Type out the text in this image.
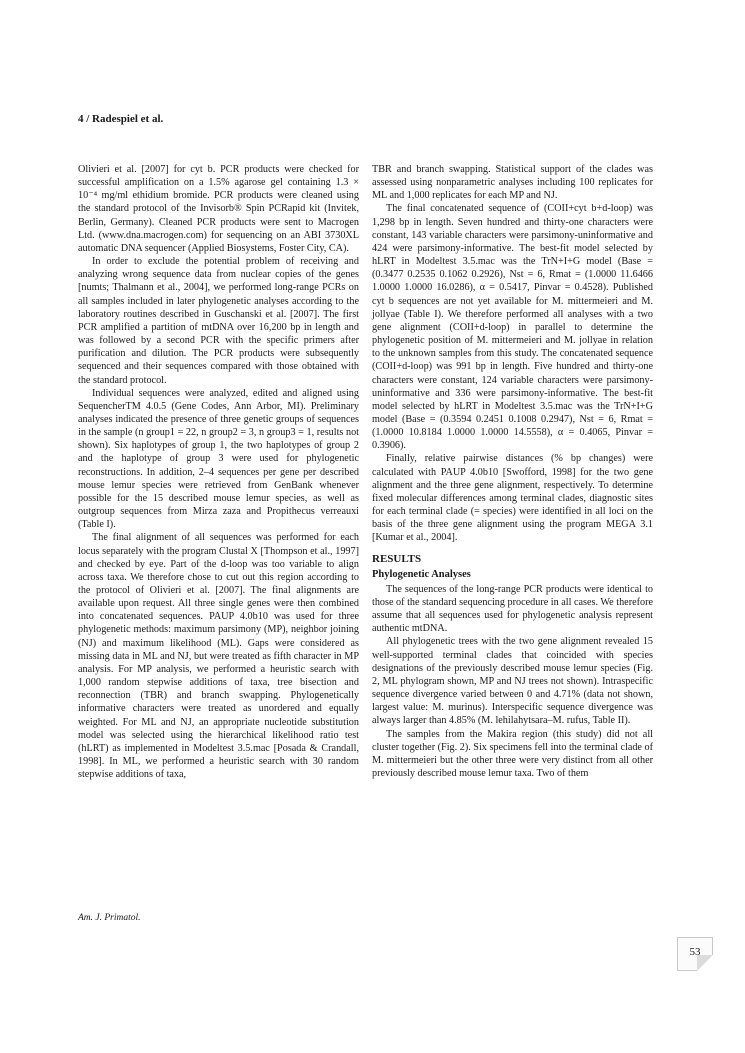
4 / Radespiel et al.

Olivieri et al. [2007] for cyt b. PCR products were checked for successful amplification on a 1.5% agarose gel containing 1.3 × 10⁻⁴ mg/ml ethidium bromide. PCR products were cleaned using the standard protocol of the Invisorb® Spin PCRapid kit (Invitek, Berlin, Germany). Cleaned PCR products were sent to Macrogen Ltd. (www.dna.macrogen.com) for sequencing on an ABI 3730XL automatic DNA sequencer (Applied Biosystems, Foster City, CA).

In order to exclude the potential problem of receiving and analyzing wrong sequence data from nuclear copies of the genes [numts; Thalmann et al., 2004], we performed long-range PCRs on all samples included in later phylogenetic analyses according to the laboratory routines described in Guschanski et al. [2007]. The first PCR amplified a partition of mtDNA over 16,200 bp in length and was followed by a second PCR with the specific primers after purification and dilution. The PCR products were subsequently sequenced and their sequences compared with those obtained with the standard protocol.

Individual sequences were analyzed, edited and aligned using SequencherTM 4.0.5 (Gene Codes, Ann Arbor, MI). Preliminary analyses indicated the presence of three genetic groups of sequences in the sample (n group1 = 22, n group2 = 3, n group3 = 1, results not shown). Six haplotypes of group 1, the two haplotypes of group 2 and the haplotype of group 3 were used for phylogenetic reconstructions. In addition, 2–4 sequences per gene per described mouse lemur species were retrieved from GenBank whenever possible for the 15 described mouse lemur species, as well as outgroup sequences from Mirza zaza and Propithecus verreauxi (Table I).

The final alignment of all sequences was performed for each locus separately with the program Clustal X [Thompson et al., 1997] and checked by eye. Part of the d-loop was too variable to align across taxa. We therefore chose to cut out this region according to the protocol of Olivieri et al. [2007]. The final alignments are available upon request. All three single genes were then combined into concatenated sequences. PAUP 4.0b10 was used for three phylogenetic methods: maximum parsimony (MP), neighbor joining (NJ) and maximum likelihood (ML). Gaps were considered as missing data in ML and NJ, but were treated as fifth character in MP analysis. For MP analysis, we performed a heuristic search with 1,000 random stepwise additions of taxa, tree bisection and reconnection (TBR) and branch swapping. Phylogenetically informative characters were treated as unordered and equally weighted. For ML and NJ, an appropriate nucleotide substitution model was selected using the hierarchical likelihood ratio test (hLRT) as implemented in Modeltest 3.5.mac [Posada & Crandall, 1998]. In ML, we performed a heuristic search with 30 random stepwise additions of taxa,

TBR and branch swapping. Statistical support of the clades was assessed using nonparametric analyses including 100 replicates for ML and 1,000 replicates for each MP and NJ.

The final concatenated sequence of (COII+cyt b+d-loop) was 1,298 bp in length. Seven hundred and thirty-one characters were constant, 143 variable characters were parsimony-uninformative and 424 were parsimony-informative. The best-fit model selected by hLRT in Modeltest 3.5.mac was the TrN+I+G model (Base = (0.3477 0.2535 0.1062 0.2926), Nst = 6, Rmat = (1.0000 11.6466 1.0000 1.0000 16.0286), α = 0.5417, Pinvar = 0.4528). Published cyt b sequences are not yet available for M. mittermeieri and M. jollyae (Table I). We therefore performed all analyses with a two gene alignment (COII+d-loop) in parallel to determine the phylogenetic position of M. mittermeieri and M. jollyae in relation to the unknown samples from this study. The concatenated sequence (COII+d-loop) was 991 bp in length. Five hundred and thirty-one characters were constant, 124 variable characters were parsimony-uninformative and 336 were parsimony-informative. The best-fit model selected by hLRT in Modeltest 3.5.mac was the TrN+I+G model (Base = (0.3594 0.2451 0.1008 0.2947), Nst = 6, Rmat = (1.0000 10.8184 1.0000 1.0000 14.5558), α = 0.4065, Pinvar = 0.3906).

Finally, relative pairwise distances (% bp changes) were calculated with PAUP 4.0b10 [Swofford, 1998] for the two gene alignment and the three gene alignment, respectively. To determine fixed molecular differences among terminal clades, diagnostic sites for each terminal clade (= species) were identified in all loci on the basis of the three gene alignment using the program MEGA 3.1 [Kumar et al., 2004].

RESULTS
Phylogenetic Analyses

The sequences of the long-range PCR products were identical to those of the standard sequencing procedure in all cases. We therefore assume that all sequences used for phylogenetic analysis represent authentic mtDNA.

All phylogenetic trees with the two gene alignment revealed 15 well-supported terminal clades that coincided with species designations of the previously described mouse lemur species (Fig. 2, ML phylogram shown, MP and NJ trees not shown). Intraspecific sequence divergence varied between 0 and 4.71% (data not shown, largest value: M. murinus). Interspecific sequence divergence was always larger than 4.85% (M. lehilahytsara–M. rufus, Table II).

The samples from the Makira region (this study) did not all cluster together (Fig. 2). Six specimens fell into the terminal clade of M. mittermeieri but the other three were very distinct from all other previously described mouse lemur taxa. Two of them

Am. J. Primatol.
53
